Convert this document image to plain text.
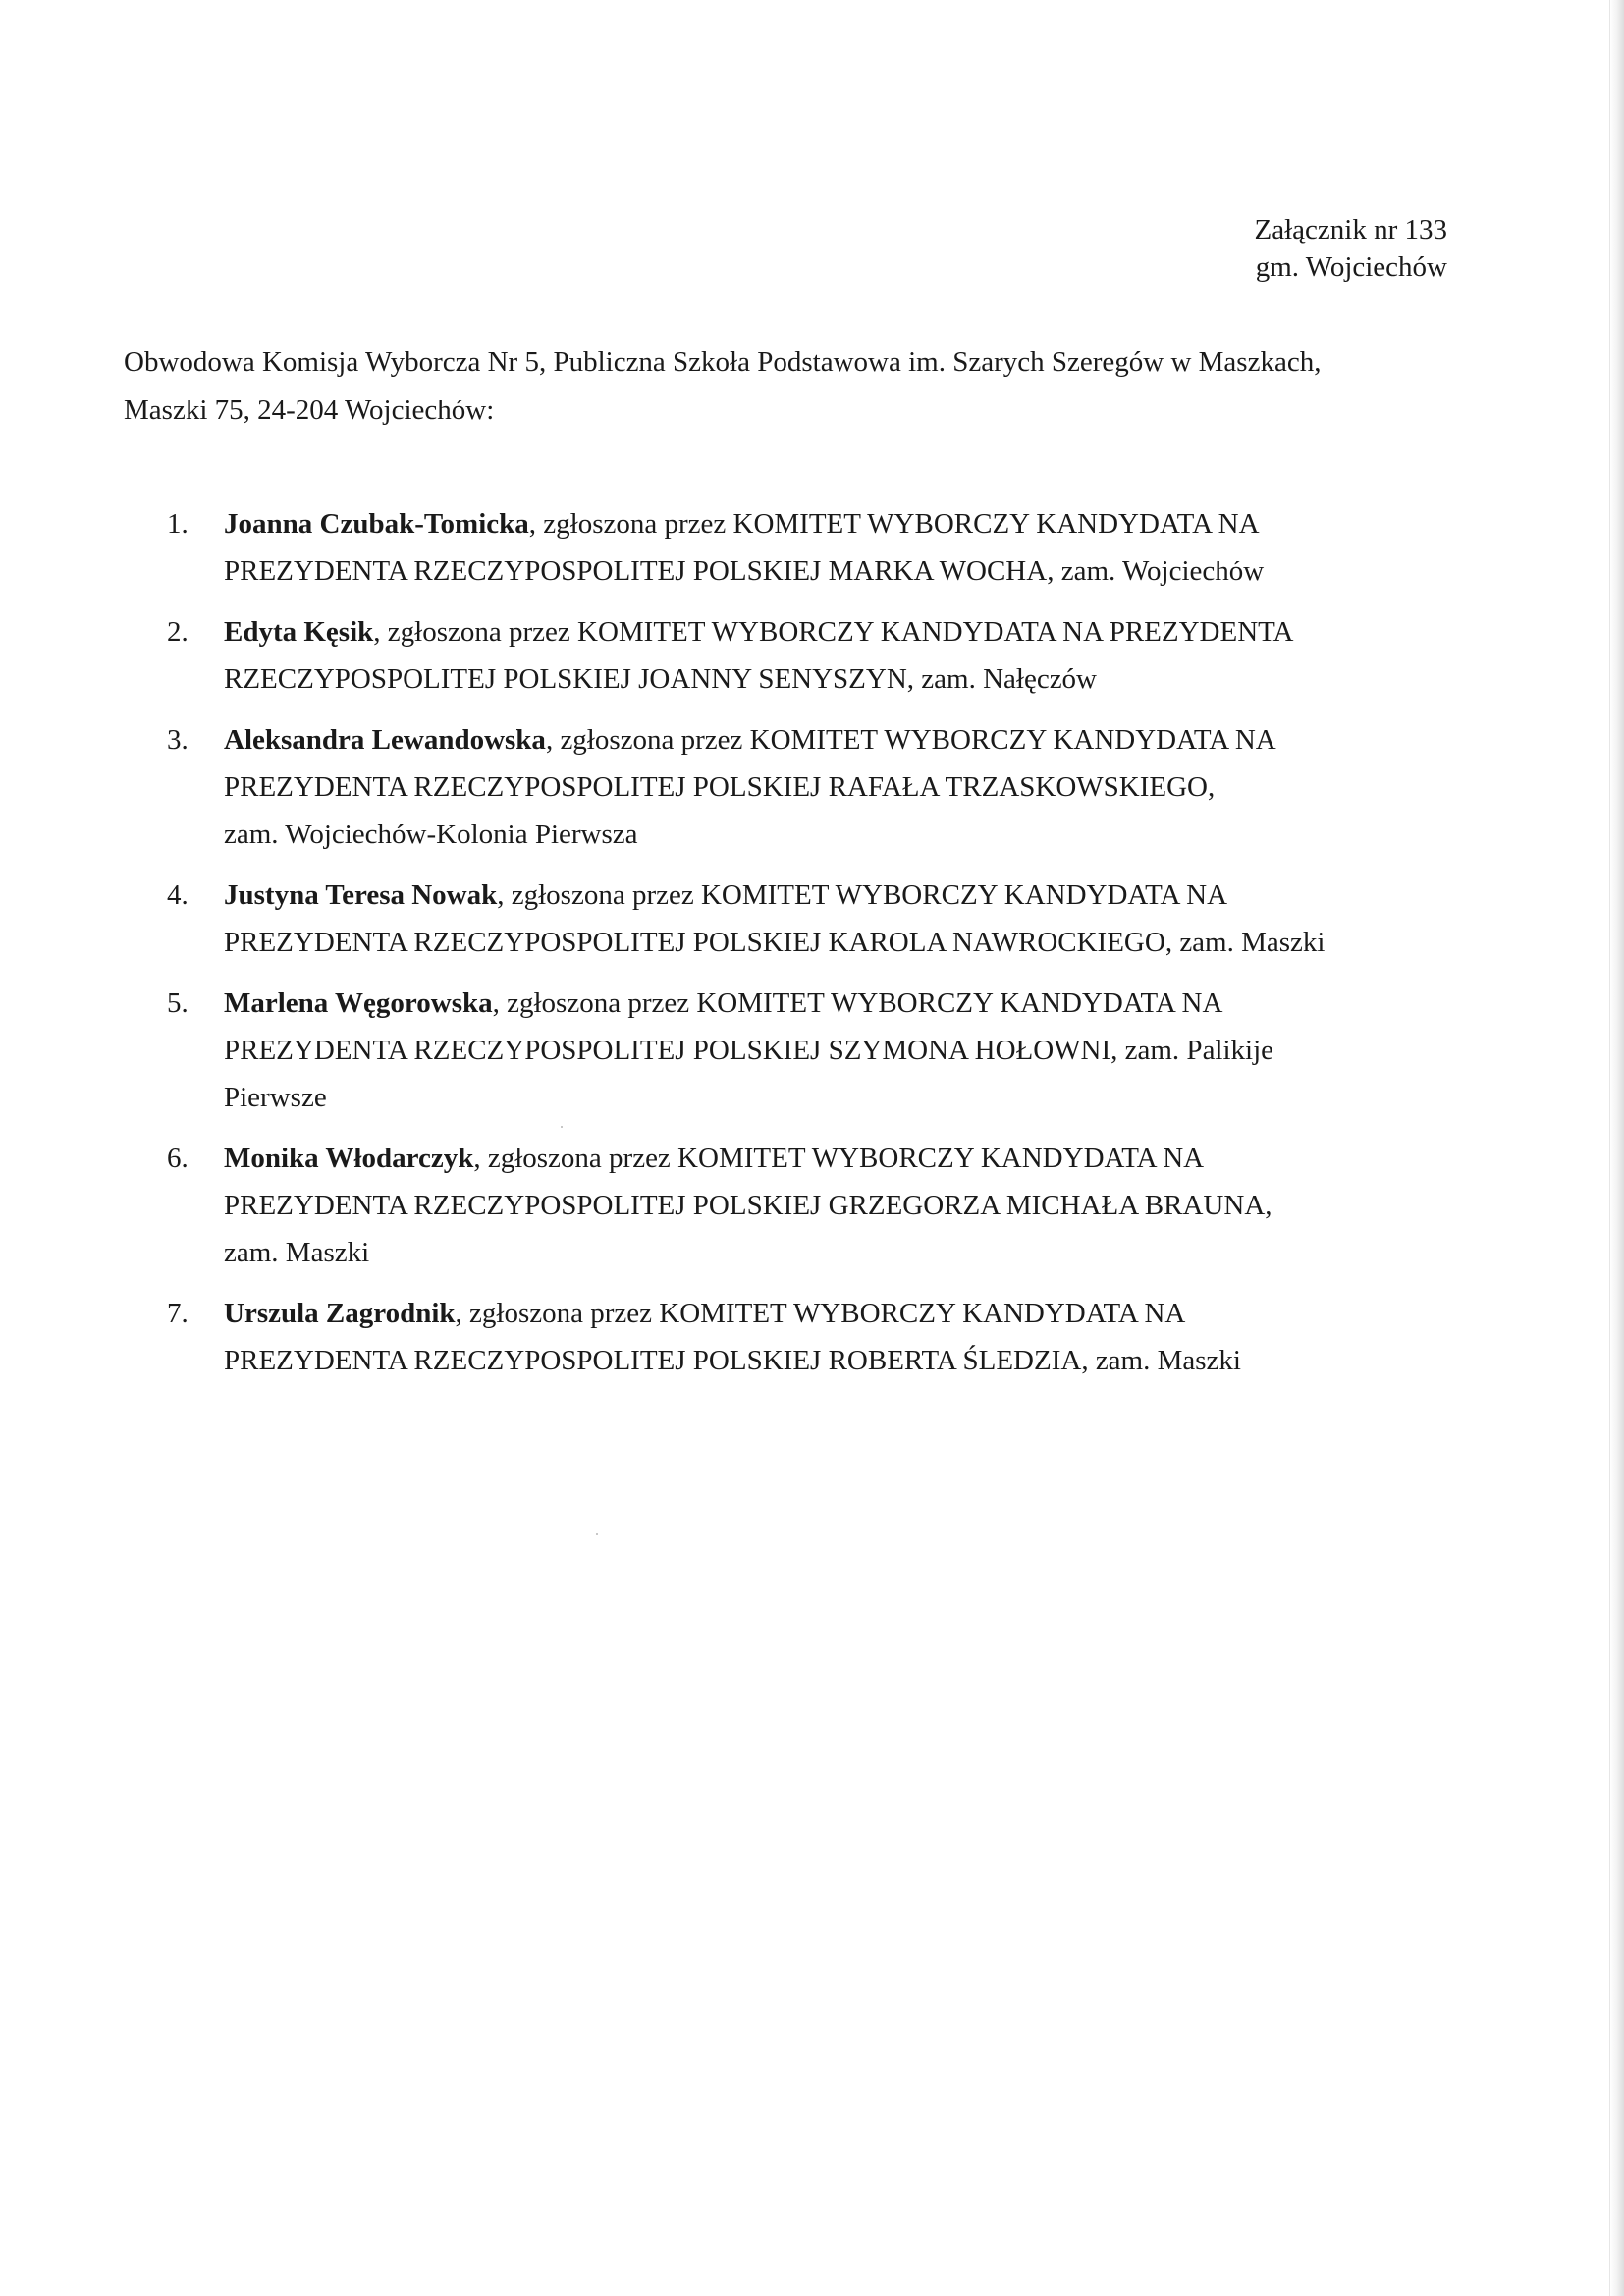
Załącznik nr 133
gm. Wojciechów
Obwodowa Komisja Wyborcza Nr 5, Publiczna Szkoła Podstawowa im. Szarych Szeregów w Maszkach,
Maszki 75, 24-204 Wojciechów:
1. Joanna Czubak-Tomicka, zgłoszona przez KOMITET WYBORCZY KANDYDATA NA
PREZYDENTA RZECZYPOSPOLITEJ POLSKIEJ MARKA WOCHA, zam. Wojciechów
2. Edyta Kęsik, zgłoszona przez KOMITET WYBORCZY KANDYDATA NA PREZYDENTA
RZECZYPOSPOLITEJ POLSKIEJ JOANNY SENYSZYN, zam. Nałęczów
3. Aleksandra Lewandowska, zgłoszona przez KOMITET WYBORCZY KANDYDATA NA
PREZYDENTA RZECZYPOSPOLITEJ POLSKIEJ RAFAŁA TRZASKOWSKIEGO,
zam. Wojciechów-Kolonia Pierwsza
4. Justyna Teresa Nowak, zgłoszona przez KOMITET WYBORCZY KANDYDATA NA
PREZYDENTA RZECZYPOSPOLITEJ POLSKIEJ KAROLA NAWROCKIEGO, zam. Maszki
5. Marlena Węgorowska, zgłoszona przez KOMITET WYBORCZY KANDYDATA NA
PREZYDENTA RZECZYPOSPOLITEJ POLSKIEJ SZYMONA HOŁOWNI, zam. Palikije
Pierwsze
6. Monika Włodarczyk, zgłoszona przez KOMITET WYBORCZY KANDYDATA NA
PREZYDENTA RZECZYPOSPOLITEJ POLSKIEJ GRZEGORZA MICHAŁA BRAUNA,
zam. Maszki
7. Urszula Zagrodnik, zgłoszona przez KOMITET WYBORCZY KANDYDATA NA
PREZYDENTA RZECZYPOSPOLITEJ POLSKIEJ ROBERTA ŚLEDZIA, zam. Maszki
